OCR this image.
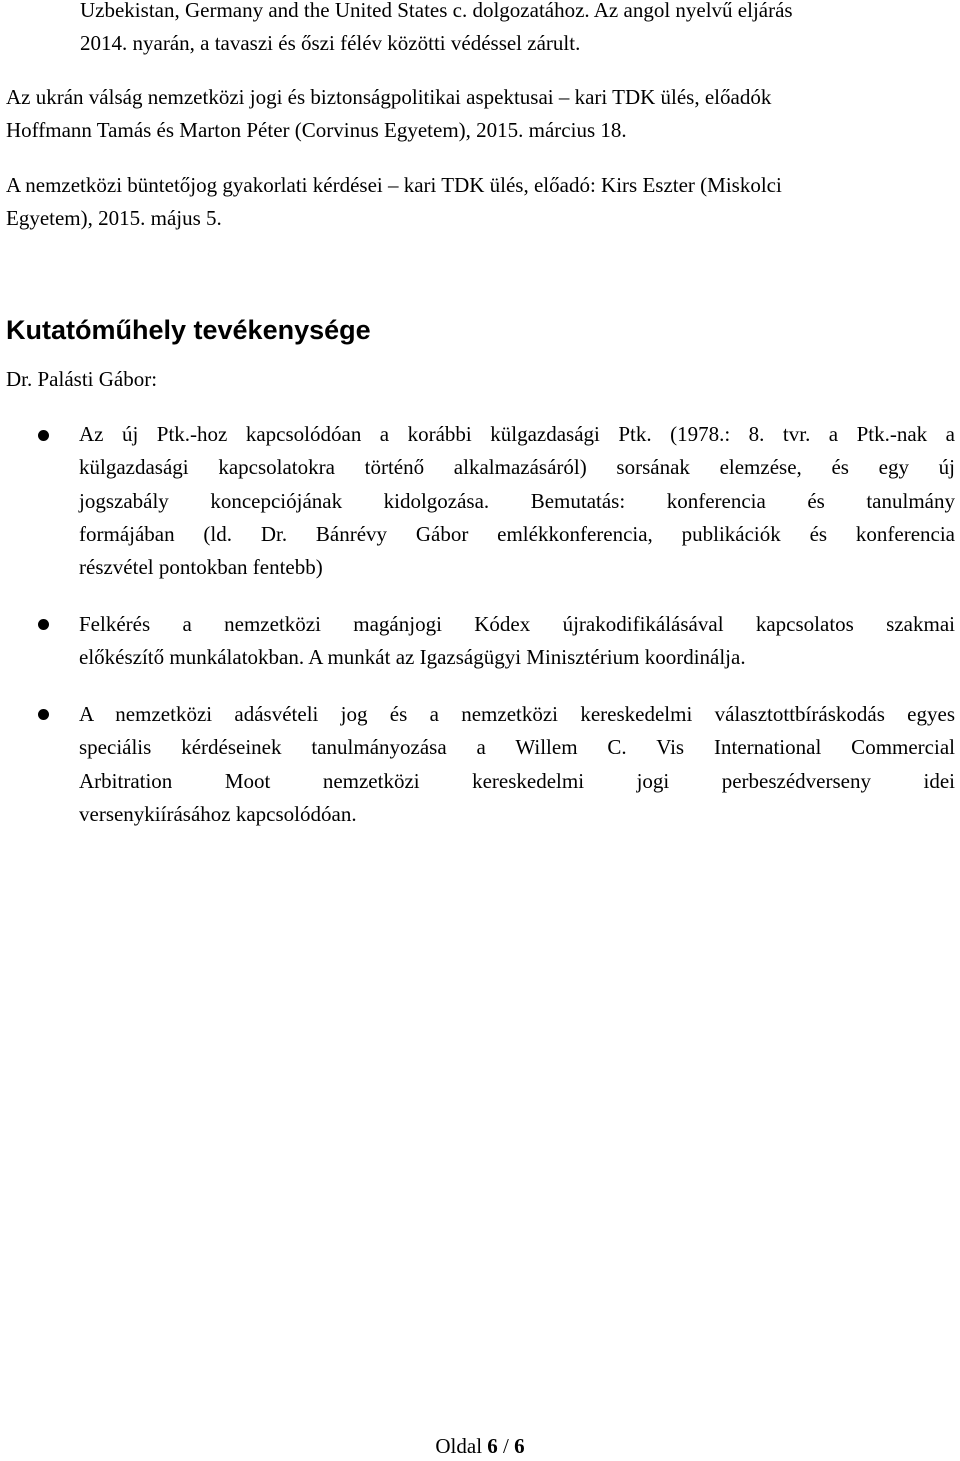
Uzbekistan, Germany and the United States c. dolgozatához. Az angol nyelvű eljárás
2014. nyarán, a tavaszi és őszi félév közötti védéssel zárult.
Az ukrán válság nemzetközi jogi és biztonságpolitikai aspektusai ‒ kari TDK ülés, előadók
Hoffmann Tamás és Marton Péter (Corvinus Egyetem), 2015. március 18.
A nemzetközi büntetőjog gyakorlati kérdései ‒ kari TDK ülés, előadó: Kirs Eszter (Miskolci
Egyetem), 2015. május 5.
Kutatóműhely tevékenysége
Dr. Palásti Gábor:
Az új Ptk.-hoz kapcsolódóan a korábbi külgazdasági Ptk. (1978.: 8. tvr. a Ptk.-nak a
külgazdasági kapcsolatokra történő alkalmazásáról) sorsának elemzése, és egy új
jogszabály koncepciójának kidolgozása. Bemutatás: konferencia és tanulmány
formájában (ld. Dr. Bánrévy Gábor emlékkonferencia, publikációk és konferencia
részvétel pontokban fentebb)
Felkérés a nemzetközi magánjogi Kódex újrakodifikálásával kapcsolatos szakmai
előkészítő munkálatokban. A munkát az Igazságügyi Minisztérium koordinálja.
A nemzetközi adásvételi jog és a nemzetközi kereskedelmi választottbíráskodás egyes
speciális kérdéseinek tanulmányozása a Willem C. Vis International Commercial
Arbitration Moot nemzetközi kereskedelmi jogi perbeszédverseny idei
versenykiírásához kapcsolódóan.
Oldal 6 / 6
